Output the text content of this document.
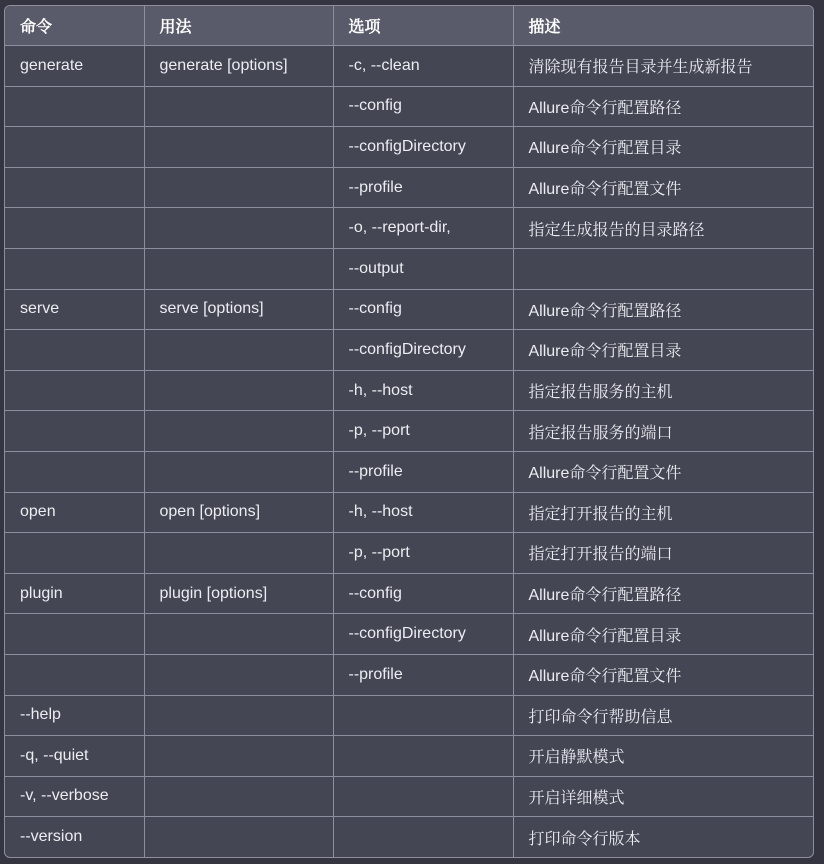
命令	用法	选项	描述
generate	generate [options]	-c, --clean	清除现有报告目录并生成新报告
		--config	Allure命令行配置路径
		--configDirectory	Allure命令行配置目录
		--profile	Allure命令行配置文件
		-o, --report-dir,	指定生成报告的目录路径
		--output	
serve	serve [options]	--config	Allure命令行配置路径
		--configDirectory	Allure命令行配置目录
		-h, --host	指定报告服务的主机
		-p, --port	指定报告服务的端口
		--profile	Allure命令行配置文件
open	open [options]	-h, --host	指定打开报告的主机
		-p, --port	指定打开报告的端口
plugin	plugin [options]	--config	Allure命令行配置路径
		--configDirectory	Allure命令行配置目录
		--profile	Allure命令行配置文件
--help			打印命令行帮助信息
-q, --quiet			开启静默模式
-v, --verbose			开启详细模式
--version			打印命令行版本
